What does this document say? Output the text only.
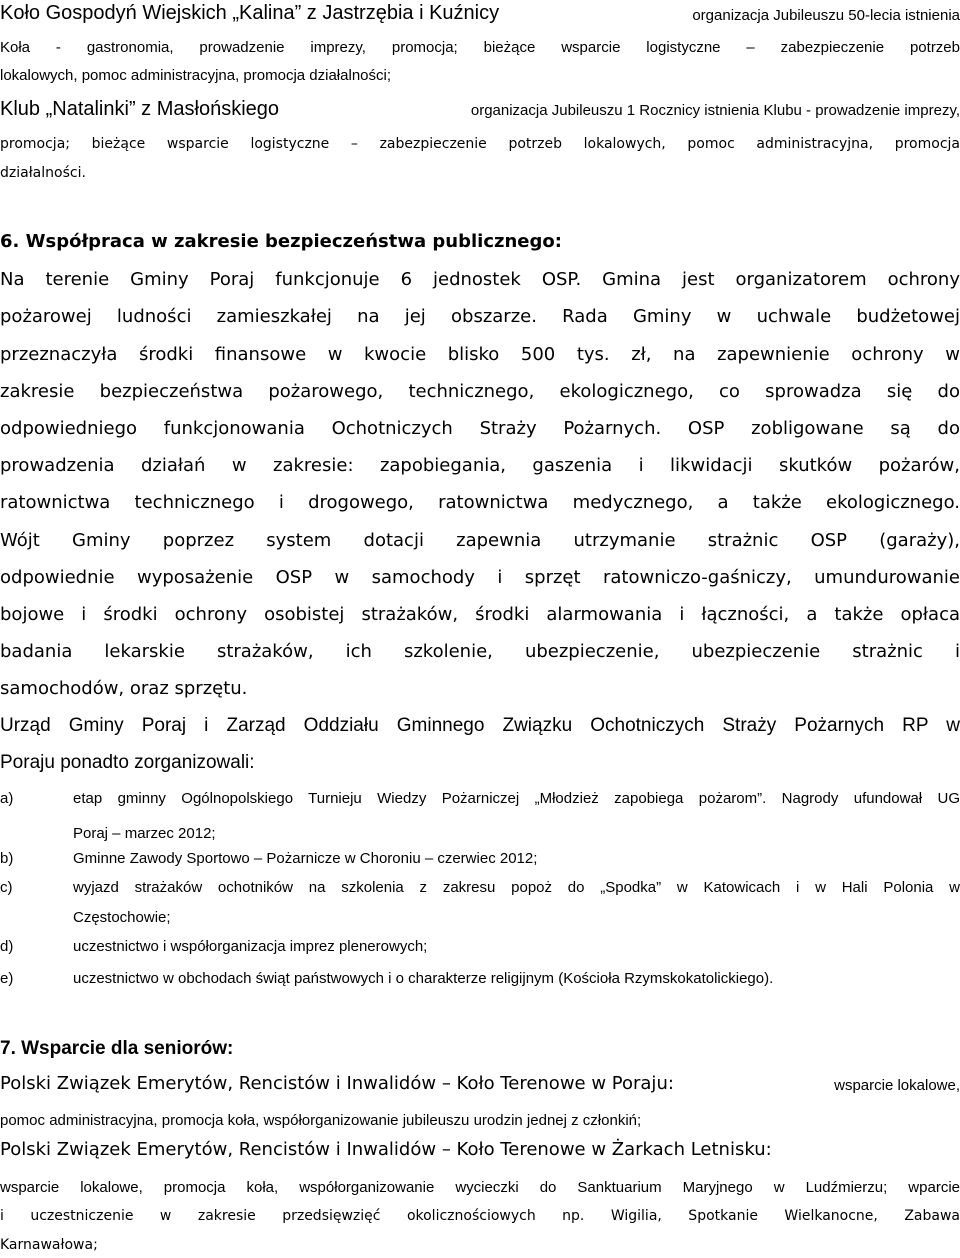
Koło Gospodyń Wiejskich „Kalina” z Jastrzębia i Kuźnicy	organizacja Jubileuszu 50-lecia istnienia
Koła - gastronomia, prowadzenie imprezy, promocja; bieżące wsparcie logistyczne – zabezpieczenie potrzeb
lokalowych, pomoc administracyjna, promocja działalności;
Klub „Natalinki” z Masłońskiego	organizacja Jubileuszu 1 Rocznicy istnienia Klubu - prowadzenie imprezy,
promocja; bieżące wsparcie logistyczne – zabezpieczenie potrzeb lokalowych, pomoc administracyjna, promocja
działalności.
6. Współpraca w zakresie bezpieczeństwa publicznego:
Na terenie Gminy Poraj funkcjonuje 6 jednostek OSP. Gmina jest organizatorem ochrony
pożarowej ludności zamieszkałej na jej obszarze. Rada Gminy w uchwale budżetowej
przeznaczyła środki finansowe w kwocie blisko 500 tys. zł, na zapewnienie ochrony w
zakresie bezpieczeństwa pożarowego, technicznego, ekologicznego, co sprowadza się do
odpowiedniego funkcjonowania Ochotniczych Straży Pożarnych. OSP zobligowane są do
prowadzenia działań w zakresie: zapobiegania, gaszenia i likwidacji skutków pożarów,
ratownictwa technicznego i drogowego, ratownictwa medycznego, a także ekologicznego.
Wójt Gminy poprzez system dotacji zapewnia utrzymanie strażnic OSP (garaży),
odpowiednie wyposażenie OSP w samochody i sprzęt ratowniczo-gaśniczy, umundurowanie
bojowe i środki ochrony osobistej strażaków, środki alarmowania i łączności, a także opłaca
badania lekarskie strażaków, ich szkolenie, ubezpieczenie, ubezpieczenie strażnic i
samochodów, oraz sprzętu.
Urząd Gminy Poraj i Zarząd Oddziału Gminnego Związku Ochotniczych Straży Pożarnych RP w
Poraju ponadto zorganizowali:
a)	etap gminny Ogólnopolskiego Turnieju Wiedzy Pożarniczej „Młodzież zapobiega pożarom”. Nagrody ufundował UG
Poraj – marzec 2012;
b)	Gminne Zawody Sportowo – Pożarnicze w Choroniu – czerwiec 2012;
c)	wyjazd strażaków ochotników na szkolenia z zakresu popoż do „Spodka” w Katowicach i w Hali Polonia w
Częstochowie;
d)	uczestnictwo i współorganizacja imprez plenerowych;
e)	uczestnictwo w obchodach świąt państwowych i o charakterze religijnym (Kościoła Rzymskokatolickiego).
7. Wsparcie dla seniorów:
Polski Związek Emerytów, Rencistów i Inwalidów – Koło Terenowe w Poraju:	wsparcie lokalowe,
pomoc administracyjna, promocja koła, współorganizowanie jubileuszu urodzin jednej z członkiń;
Polski Związek Emerytów, Rencistów i Inwalidów – Koło Terenowe w Żarkach Letnisku:
wsparcie lokalowe, promocja koła, współorganizowanie wycieczki do Sanktuarium Maryjnego w Ludźmierzu; wparcie
i uczestniczenie w zakresie przedsięwzięć okolicznościowych np. Wigilia, Spotkanie Wielkanocne, Zabawa
Karnawałowa;
